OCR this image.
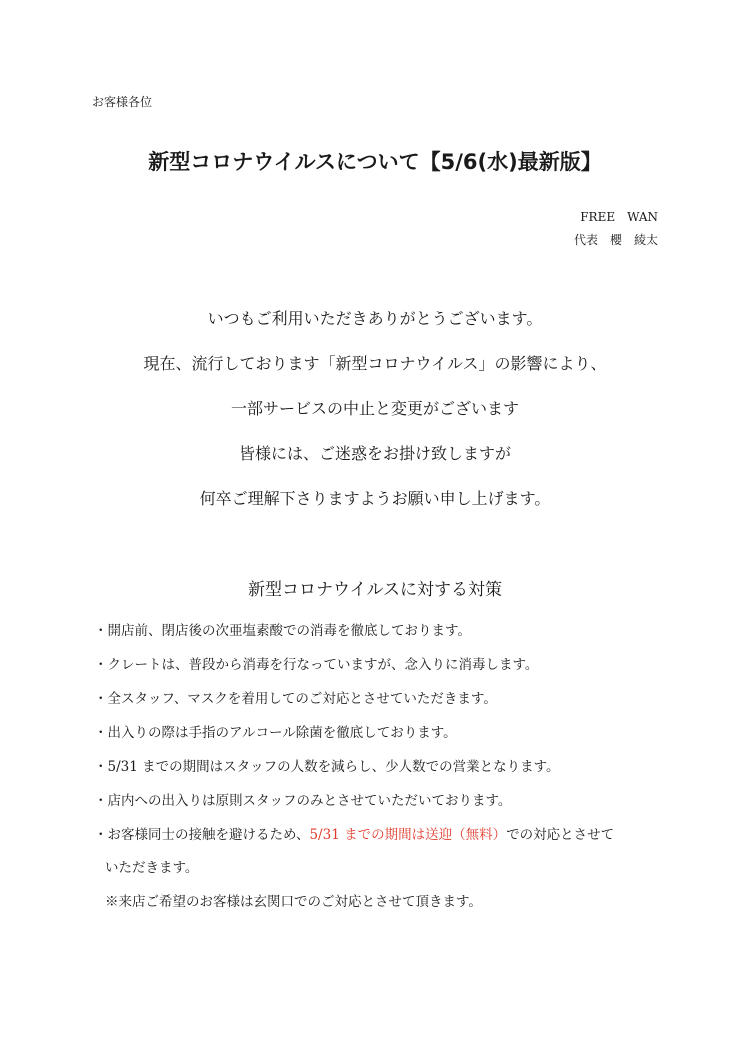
お客様各位
新型コロナウイルスについて【5/6(水)最新版】
FREE　WAN
代表　櫻　綾太
いつもご利用いただきありがとうございます。
現在、流行しております「新型コロナウイルス」の影響により、
一部サービスの中止と変更がございます
皆様には、ご迷惑をお掛け致しますが
何卒ご理解下さりますようお願い申し上げます。
新型コロナウイルスに対する対策
・開店前、閉店後の次亜塩素酸での消毒を徹底しております。
・クレートは、普段から消毒を行なっていますが、念入りに消毒します。
・全スタッフ、マスクを着用してのご対応とさせていただきます。
・出入りの際は手指のアルコール除菌を徹底しております。
・5/31 までの期間はスタッフの人数を減らし、少人数での営業となります。
・店内への出入りは原則スタッフのみとさせていただいております。
・お客様同士の接触を避けるため、5/31 までの期間は送迎（無料）での対応とさせて
いただきます。
※来店ご希望のお客様は玄関口でのご対応とさせて頂きます。
